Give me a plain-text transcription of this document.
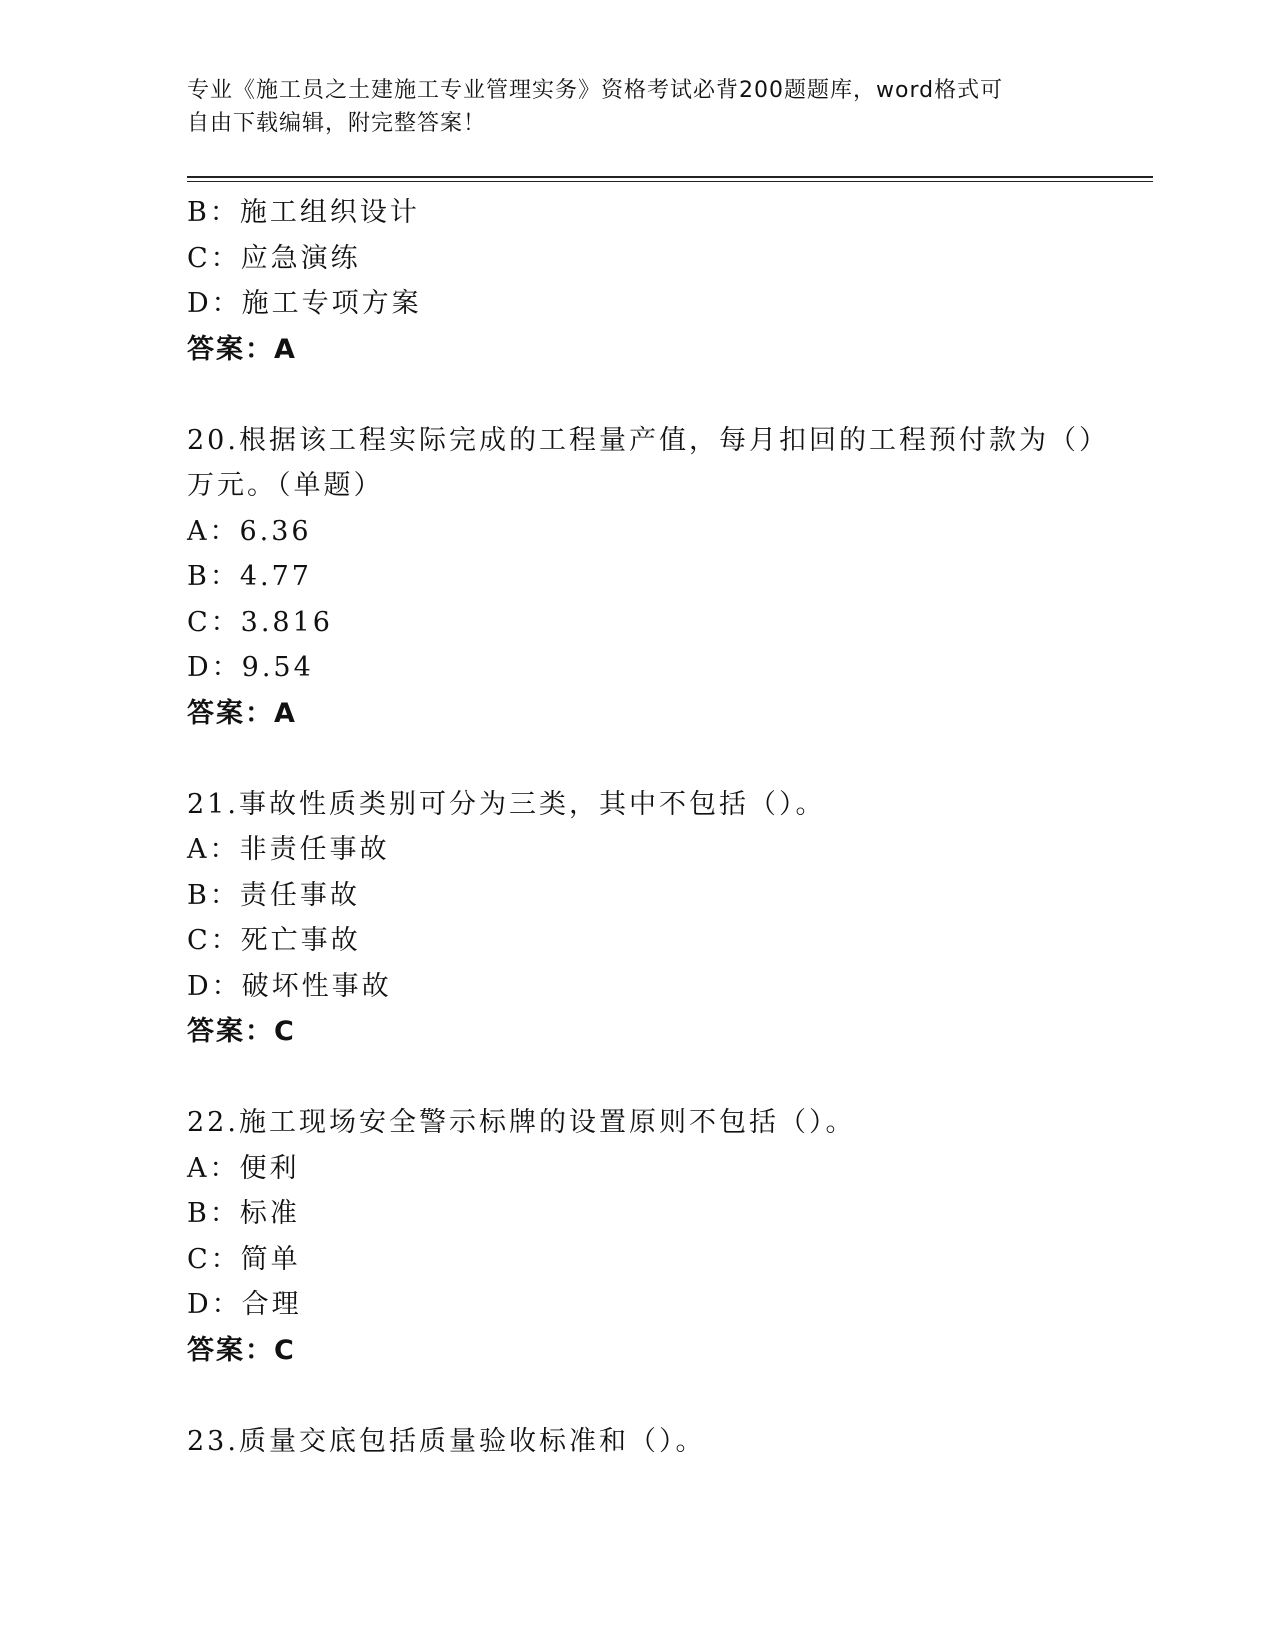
专业《施工员之土建施工专业管理实务》资格考试必背200题题库，word格式可
自由下载编辑，附完整答案！
B：施工组织设计
C：应急演练
D：施工专项方案
答案：A
20.根据该工程实际完成的工程量产值，每月扣回的工程预付款为（）
万元。（单题）
A：6.36
B：4.77
C：3.816
D：9.54
答案：A
21.事故性质类别可分为三类，其中不包括（）。
A：非责任事故
B：责任事故
C：死亡事故
D：破坏性事故
答案：C
22.施工现场安全警示标牌的设置原则不包括（）。
A：便利
B：标准
C：简单
D：合理
答案：C
23.质量交底包括质量验收标准和（）。
